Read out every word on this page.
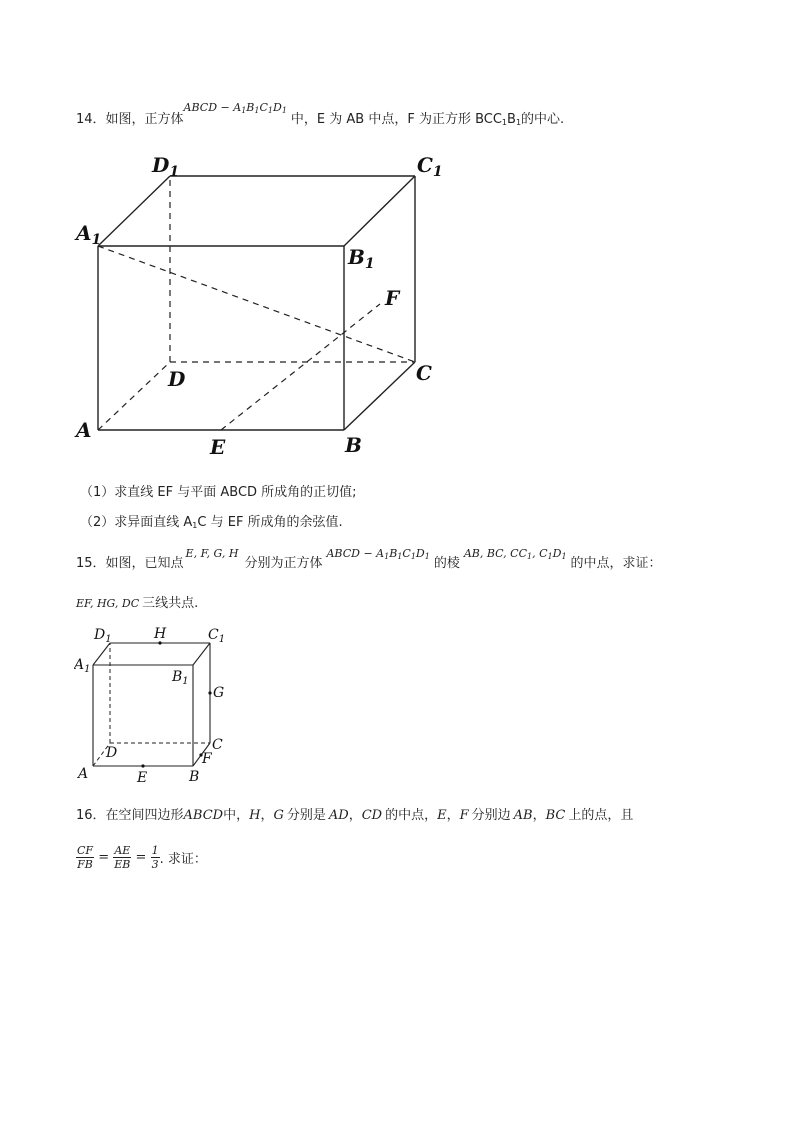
14．如图，正方体$^{ABCD - A_1B_1C_1D_1}$中，E 为 AB 中点，F 为正方形 $BCC_1B_1$的中心.
$A_1$
$D_1$	$C_1$
$B_1$
F
D	C
A
E	B
（1）求直线 EF 与平面 ABCD 所成角的正切值;
（2）求异面直线 $A_1C$ 与 EF 所成角的余弦值.
15．如图，已知点$^{E, F, G, H}$分别为正方体$^{ABCD - A_1B_1C_1D_1}$ 的棱$^{AB, BC, CC_1, C_1D_1}$ 的中点，求证：
EF, HG, DC 三线共点.
$D_1$	H	$C_1$
$A_1$	$B_1$
G
D	C
F
A	E	B
16．在空间四边形ABCD中，H，G 分别是 AD，CD 的中点，E，F 分别边 AB，BC 上的点，且
$\frac{CF}{FB} = \frac{AE}{EB} = \frac{1}{3}$ . 求证：
